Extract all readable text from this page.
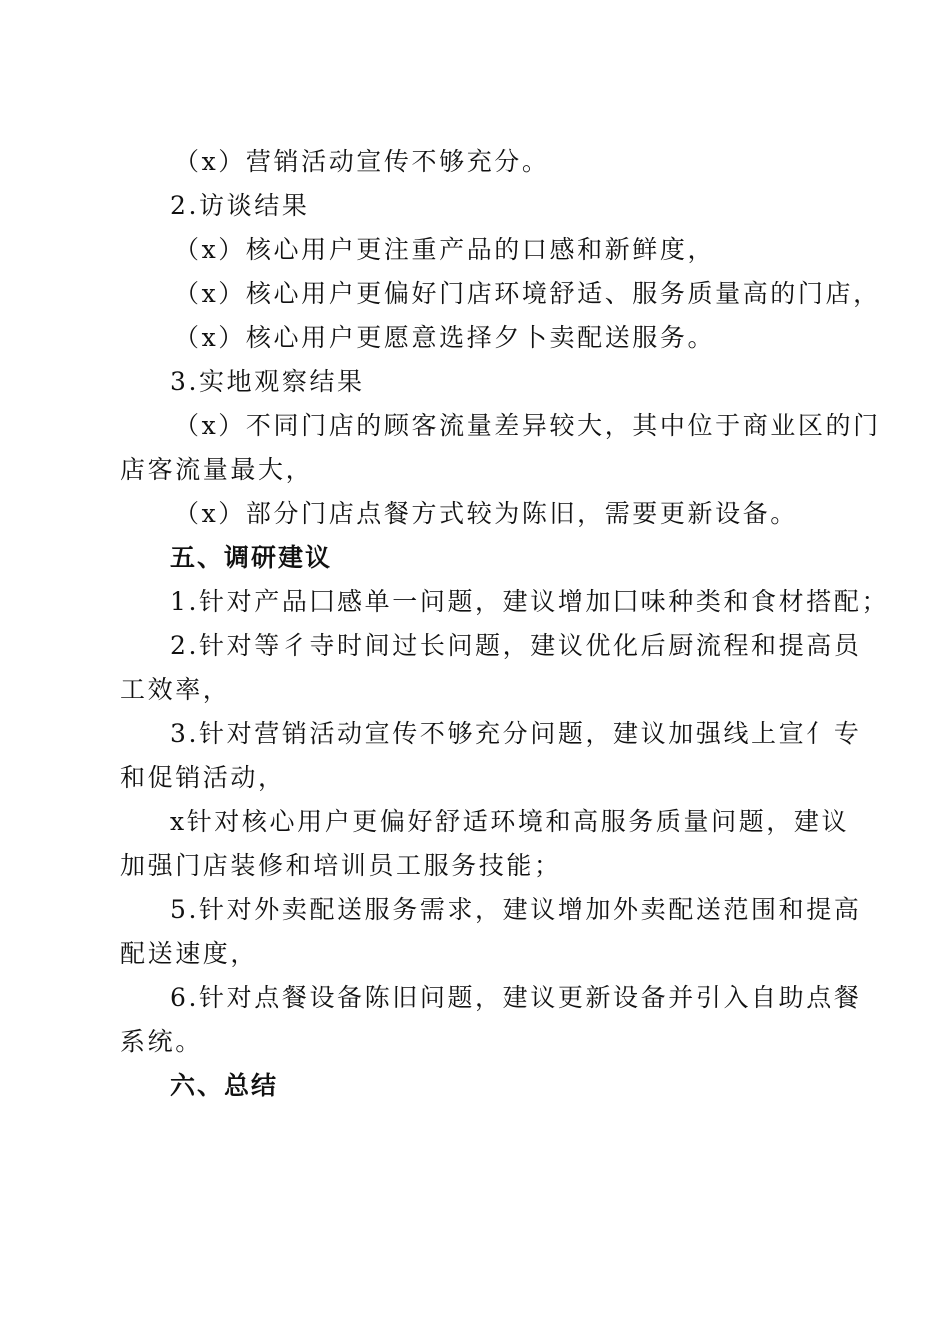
（x）营销活动宣传不够充分。
2.访谈结果
（x）核心用户更注重产品的口感和新鲜度，
（x）核心用户更偏好门店环境舒适、服务质量高的门店，
（x）核心用户更愿意选择夕卜卖配送服务。
3.实地观察结果
（x）不同门店的顾客流量差异较大，其中位于商业区的门
店客流量最大，
（x）部分门店点餐方式较为陈旧，需要更新设备。
五、调研建议
1.针对产品囗感单一问题，建议增加囗味种类和食材搭配；
2.针对等彳寺时间过长问题，建议优化后厨流程和提高员
工效率，
3.针对营销活动宣传不够充分问题，建议加强线上宣亻专
和促销活动，
x针对核心用户更偏好舒适环境和高服务质量问题，建议
加强门店装修和培训员工服务技能；
5.针对外卖配送服务需求，建议增加外卖配送范围和提高
配送速度，
6.针对点餐设备陈旧问题，建议更新设备并引入自助点餐
系统。
六、总结
